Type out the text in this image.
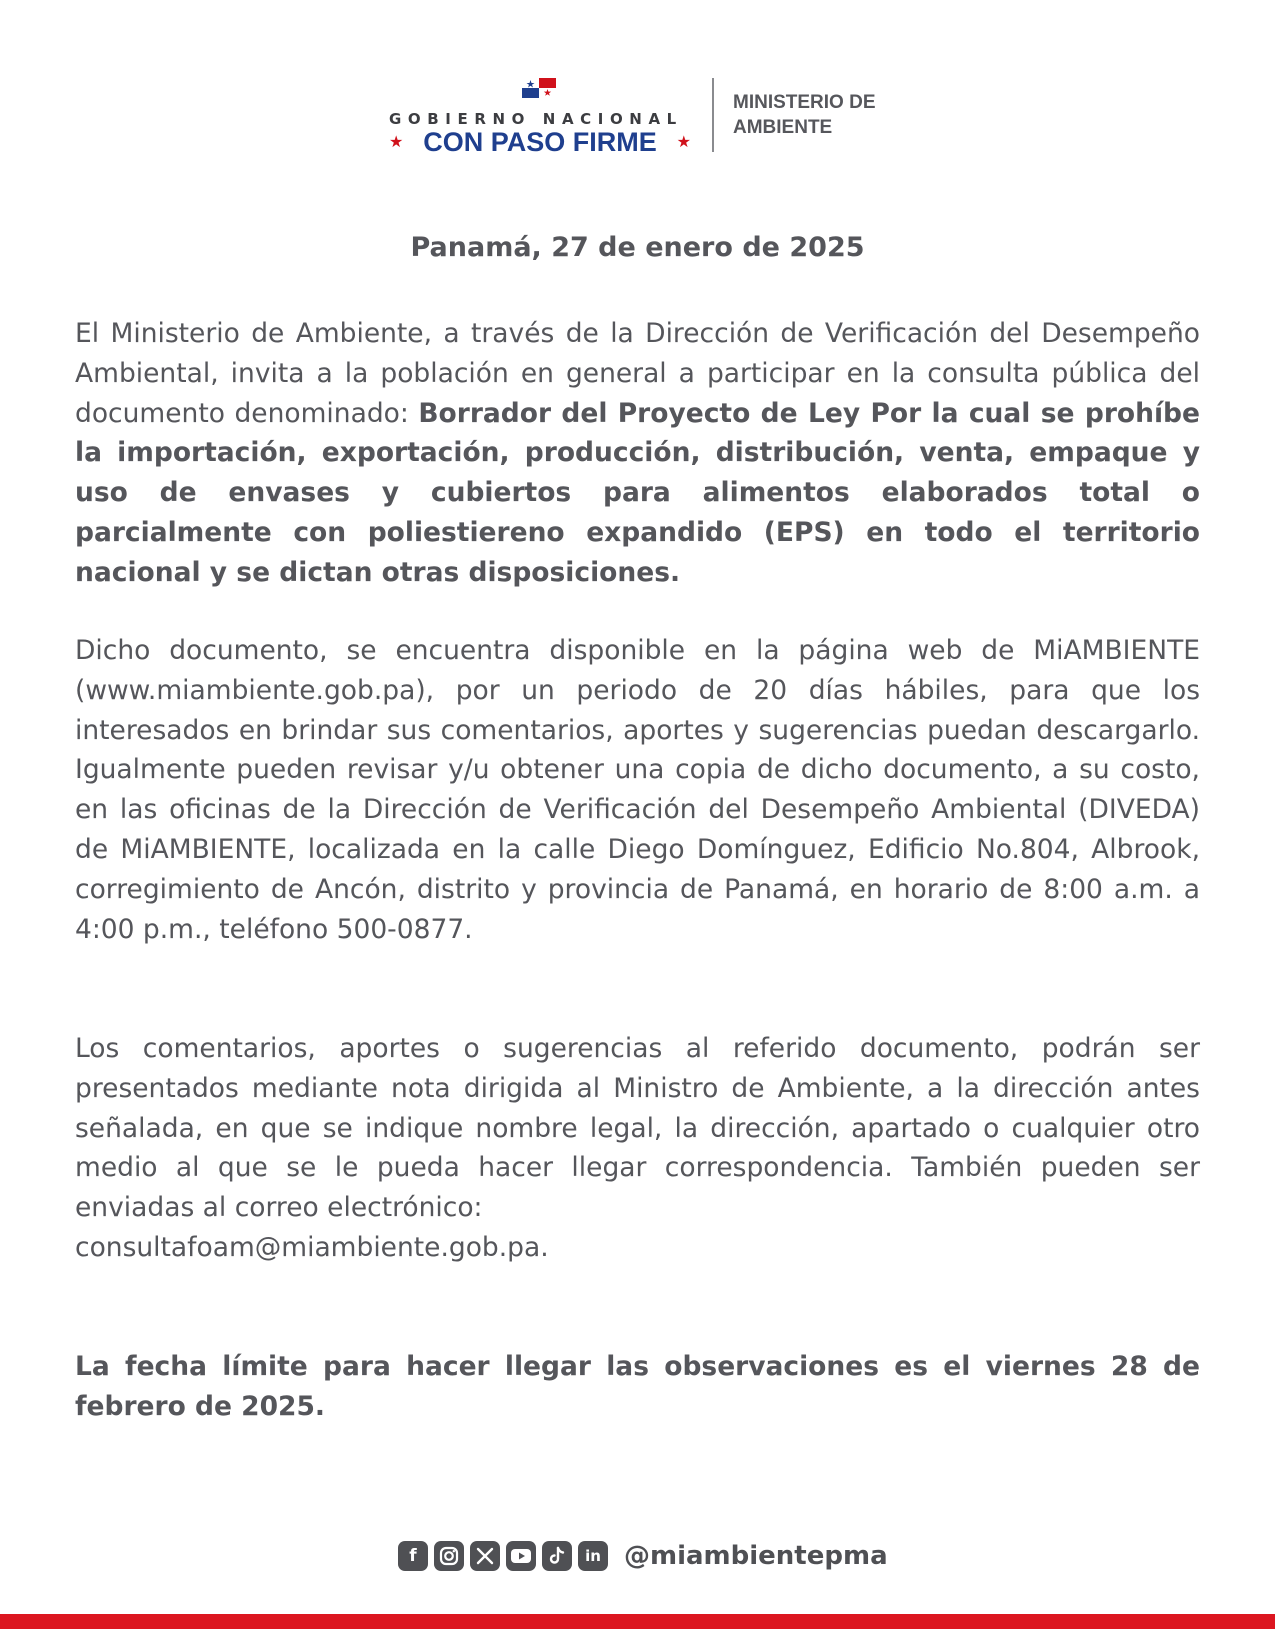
GOBIERNO NACIONAL
★ CON PASO FIRME ★
MINISTERIO DE
AMBIENTE
Panamá, 27 de enero de 2025
El Ministerio de Ambiente, a través de la Dirección de Verificación del Desempeño Ambiental, invita a la población en general a participar en la consulta pública del documento denominado: Borrador del Proyecto de Ley Por la cual se prohíbe la importación, exportación, producción, distribución, venta, empaque y uso de envases y cubiertos para alimentos elaborados total o parcialmente con poliestiereno expandido (EPS) en todo el territorio nacional y se dictan otras disposiciones.
Dicho documento, se encuentra disponible en la página web de MiAMBIENTE (www.miambiente.gob.pa), por un periodo de 20 días hábiles, para que los interesados en brindar sus comentarios, aportes y sugerencias puedan descargarlo.  Igualmente pueden revisar y/u obtener una copia de dicho documento, a su costo, en las oficinas de la Dirección de Verificación del Desempeño Ambiental (DIVEDA) de MiAMBIENTE, localizada en la calle Diego Domínguez, Edificio No.804, Albrook, corregimiento de Ancón, distrito y provincia de Panamá, en horario de 8:00 a.m. a 4:00 p.m., teléfono 500-0877.
Los comentarios, aportes o sugerencias al referido documento, podrán ser presentados mediante nota dirigida al Ministro de Ambiente, a la dirección antes señalada, en que se indique nombre legal, la dirección, apartado o cualquier otro medio al que se le pueda hacer llegar correspondencia. También pueden ser enviadas al correo electrónico:
consultafoam@miambiente.gob.pa.
La fecha límite para hacer llegar las observaciones es el viernes 28 de febrero de 2025.
f	in @miambientepma
